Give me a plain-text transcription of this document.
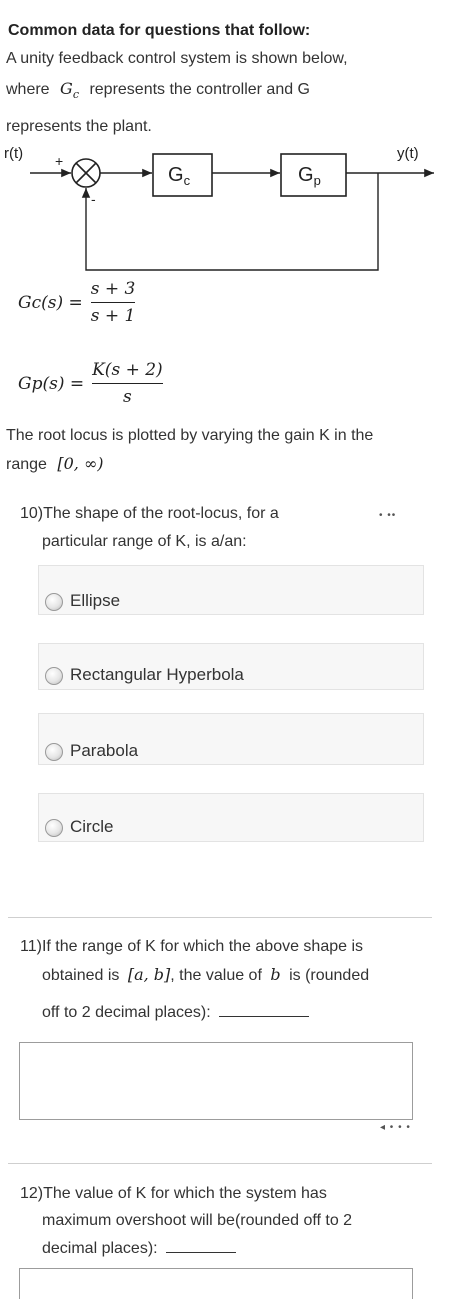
Common data for questions that follow:
A unity feedback control system is shown below,
where $G_c$ represents the controller and G
represents the plant.
r(t)	y(t)
+
-
$G_c$	$G_p$
$Gc(s) = \frac{s + 3}{s + 1}$
$Gp(s) = \frac{K(s + 2)}{s}$
The root locus is plotted by varying the gain K in the
range [0, ∞)
10)The shape of the root-locus, for a
particular range of K, is a/an:
• ••
Ellipse
Rectangular Hyperbola
Parabola
Circle
11)If the range of K for which the above shape is
obtained is [a, b], the value of b is (rounded
off to 2 decimal places):
◂ • • •
12)The value of K for which the system has
maximum overshoot will be(rounded off to 2
decimal places):
